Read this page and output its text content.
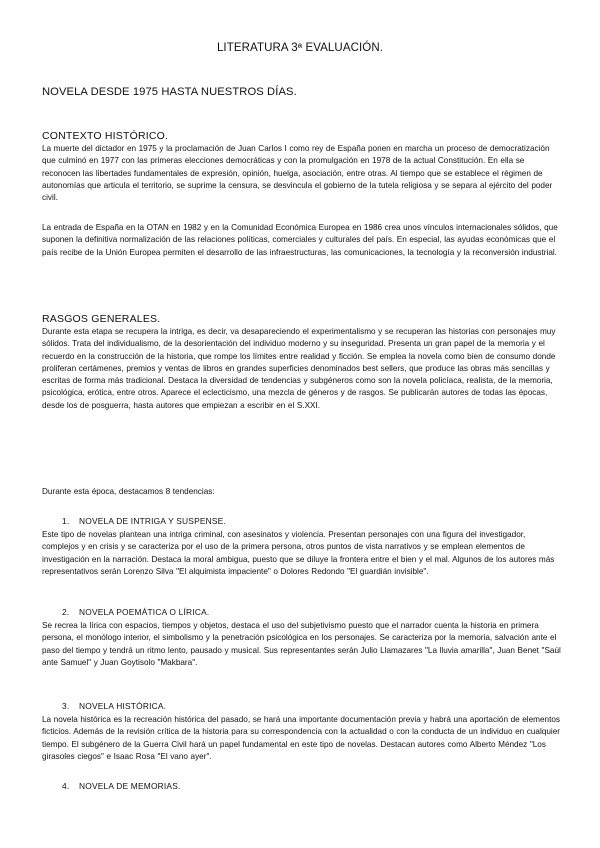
LITERATURA 3ª EVALUACIÓN.
NOVELA DESDE 1975 HASTA NUESTROS DÍAS.
CONTEXTO HISTÓRICO.

La muerte del dictador en 1975 y la proclamación de Juan Carlos I como rey de España ponen en marcha un proceso de democratización que culminó en 1977 con las primeras elecciones democráticas y con la promulgación en 1978 de la actual Constitución. En ella se reconocen las libertades fundamentales de expresión, opinión, huelga, asociación, entre otras. Al tiempo que se establece el régimen de autonomías que articula el territorio, se suprime la censura, se desvincula el gobierno de la tutela religiosa y se separa al ejército del poder civil.

La entrada de España en la OTAN en 1982 y en la Comunidad Económica Europea en 1986 crea unos vínculos internacionales sólidos, que suponen la definitiva normalización de las relaciones políticas, comerciales y culturales del país. En especial, las ayudas económicas que el país recibe de la Unión Europea permiten el desarrollo de las infraestructuras, las comunicaciones, la tecnología y la reconversión industrial.

RASGOS GENERALES.

Durante esta etapa se recupera la intriga, es decir, va desapareciendo el experimentalismo y se recuperan las historias con personajes muy sólidos. Trata del individualismo, de la desorientación del individuo moderno y su inseguridad. Presenta un gran papel de la memoria y el recuerdo en la construcción de la historia, que rompe los límites entre realidad y ficción. Se emplea la novela como bien de consumo donde proliferan certámenes, premios y ventas de libros en grandes superficies denominados best sellers, que produce las obras más sencillas y escritas de forma más tradicional. Destaca la diversidad de tendencias y subgéneros como son la novela policíaca, realista, de la memoria, psicológica, erótica, entre otros. Aparece el eclecticismo, una mezcla de géneros y de rasgos. Se publicarán autores de todas las épocas, desde los de posguerra, hasta autores que empiezan a escribir en el S.XXI.

Durante esta época, destacamos 8 tendencias:

1. NOVELA DE INTRIGA Y SUSPENSE.

Este tipo de novelas plantean una intriga criminal, con asesinatos y violencia. Presentan personajes con una figura del investigador, complejos y en crisis y se caracteriza por el uso de la primera persona, otros puntos de vista narrativos y se emplean elementos de investigación en la narración. Destaca la moral ambigua, puesto que se diluye la frontera entre el bien y el mal. Algunos de los autores más representativos serán Lorenzo Silva "El alquimista impaciente" o Dolores Redondo "El guardián invisible".

2. NOVELA POEMÁTICA O LÍRICA.

Se recrea la lírica con espacios, tiempos y objetos, destaca el uso del subjetivismo puesto que el narrador cuenta la historia en primera persona, el monólogo interior, el simbolismo y la penetración psicológica en los personajes. Se caracteriza por la memoria, salvación ante el paso del tiempo y tendrá un ritmo lento, pausado y musical. Sus representantes serán Julio Llamazares "La lluvia amarilla", Juan Benet "Saúl ante Samuel" y Juan Goytisolo "Makbara".

3. NOVELA HISTÓRICA.

La novela histórica es la recreación histórica del pasado, se hará una importante documentación previa y habrá una aportación de elementos ficticios. Además de la revisión crítica de la historia para su correspondencia con la actualidad o con la conducta de un individuo en cualquier tiempo. El subgénero de la Guerra Civil hará un papel fundamental en este tipo de novelas. Destacan autores como Alberto Méndez "Los girasoles ciegos" e Isaac Rosa "El vano ayer".

4. NOVELA DE MEMORIAS.
